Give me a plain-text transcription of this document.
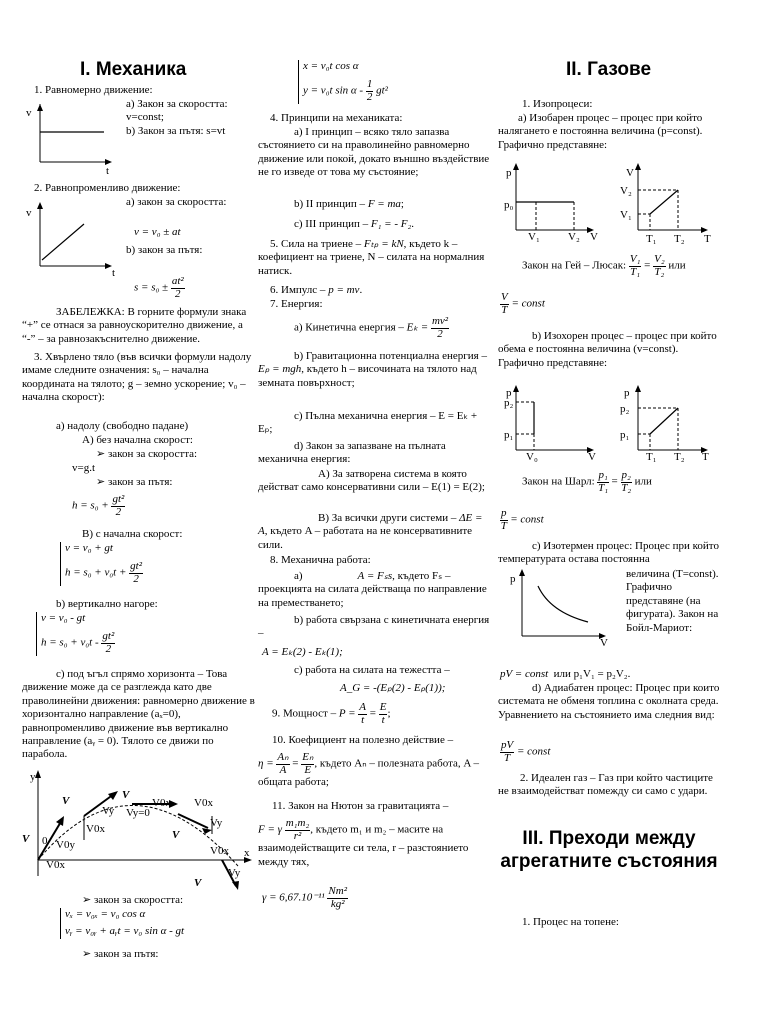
I. Механика
1. Равномерно движение:
v
t
a) Закон за скоростта: v=const;
b) Закон за пътя: s=vt
2. Равнопроменливо движение:
v
t
a) закон за скоростта:
v = v₀ ± at
b) закон за пътя:
$s = s_0 \pm \frac{\text{at²}}{2}$
ЗАБЕЛЕЖКА: В горните формули знака “+” се отнася за равноускорително движение, а “-” – за равнозакъснително движение.
3. Хвърлено тяло (във всички формули надолу имаме следните означения: s₀ – начална координата на тялото; g – земно ускорение; v₀ – начална скорост):
a) надолу (свободно падане)
A) без начална скорост:
➢ закон за скоростта:
v=g.t
➢ закон за пътя:
$h = s_0 + \frac{\text{gt²}}{2}$
B) с начална скорост:
v = v₀ + gt
$h = s_0 + v_0t + \frac{\text{gt²}}{2}$
b) вертикално нагоре:
v = v₀ - gt
$h = s_0 + v_0t - \frac{\text{gt²}}{2}$
c) под ъгъл спрямо хоризонта – Това движение може да се разглежда като две праволинейни движения: равномерно движение в хоризонтално направление (aₓ=0), равнопроменливо движение във вертикално направление (aᵧ = 0). Тялото се движи по парабола.
y
x
0
V0x
V0y
V
V
Vy
V0x
V
Vy=0
V0x V0x
V
Vy
V0x
Vy
V
➢ закон за скоростта:
vₓ = v₀ₓ = v₀ cos α
vᵧ = v₀ᵧ + aᵧt = v₀ sin α - gt
➢ закон за пътя:
x = v₀t cos α
y = v₀t sin α - $\frac{1}{2} gt^2$
4. Принципи на механиката:
a) I принцип – всяко тяло запазва състоянието си на праволинейно равномерно движение или покой, докато външно въздействие не го изведе от това му състояние;
b) II принцип – F = ma;
c) III принцип – F₁ = - F₂.
5. Сила на триене – Fₜₚ = kN, където k – коефициент на триене, N – силата на нормалния натиск.
6. Импулс – p = mv.
7. Енергия:
a) Кинетична енергия – $E_k = \frac{\text{mv²}}{2}$
b) Гравитационна потенциална енергия – Eₚ = mgh, където h – височината на тялото над земната повърхност;
c) Пълна механична енергия – E = Eₖ + Eₚ;
d) Закон за запазване на пълната механична енергия:
A) За затворена система в която действат само консервативни сили – E(1) = E(2);
B) За всички други системи – ΔE = A, където A – работата на не консервативните сили.
8. Механична работа:
a)	A = Fₛs, където Fₛ – проекцията на силата действаща по направление на преместването;
b) работа свързана с кинетичната енергия –
A = Eₖ(2) - Eₖ(1);
c) работа на силата на тежестта –
A_G = -(Eₚ(2) - Eₚ(1));
9. Мощност – $P = \frac{A}{t} = \frac{E}{t}$ ;
10. Коефициент на полезно действие –
$\eta = \frac{\text{Aₙ}}{A} = \frac{\text{Eₙ}}{E}$ , където Aₙ – полезната работа, A – общата работа;
11. Закон на Нютон за гравитацията –
F = γ $\frac{\text{m₁m₂}}{\text{r²}}$ , където m₁ и m₂ – масите на взаимодействащите си тела, r – разстоянието между тях,
$\gamma = 6,67.10^{-11} \frac{\text{Nm²}}{\text{kg²}}$
II. Газове
1. Изопроцеси:
a) Изобарен процес – процес при който налягането е постоянна величина (p=const). Графично представяне:
p
p₀
V₁	V₂ V
V
V₂
V₁
T₁ T₂ T
Закон на Гей – Люсак: $\frac{\text{V₁}}{\text{T₁}} = \frac{\text{V₂}}{\text{T₂}}$ или
$\frac{V}{T}$ = const
b) Изохорен процес – процес при който обема е постоянна величина (v=const). Графично представяне:
p
p₂
p₁
V₀	V
p
p₂
p₁
T₁ T₂ T
Закон на Шарл: $\frac{\text{p₁}}{\text{T₁}} = \frac{\text{p₂}}{\text{T₂}}$ или
$\frac{p}{T}$ = const
c) Изотермен процес: Процес при който температурата остава постоянна
p
V
величина (T=const). Графично представяне (на фигурата). Закон на Бойл-Мариот:
pV = const или p₁V₁ = p₂V₂.
d) Адиабатен процес: Процес при които системата не обменя топлина с околната среда. Уравнението на състоянието има следния вид:
$\frac{pV}{T}$ = const
2. Идеален газ – Газ при който частиците не взаимодействат помежду си само с удари.
III. Преходи между агрегатните състояния
1. Процес на топене:
